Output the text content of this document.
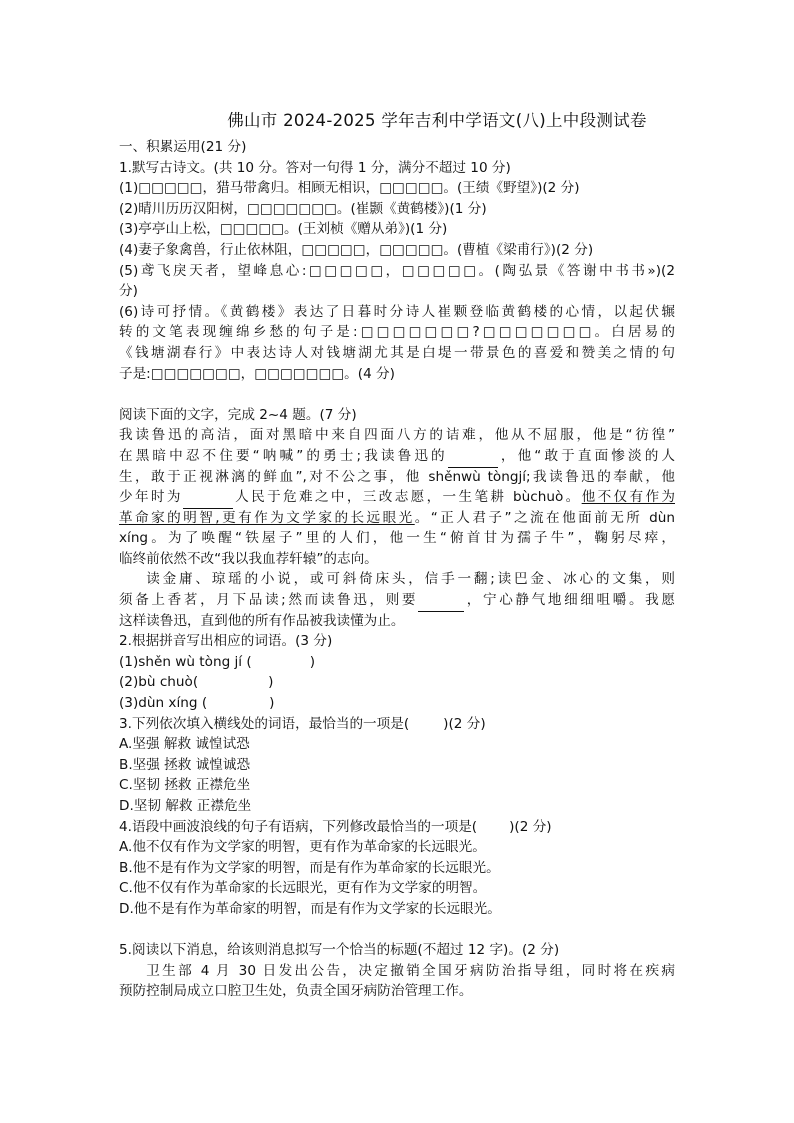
佛山市 2024-2025 学年吉利中学语文(八)上中段测试卷
一、积累运用(21 分)
1.默写古诗文。(共 10 分。答对一句得 1 分，满分不超过 10 分)
(1)□□□□□，猎马带禽归。相顾无相识，□□□□□。(王绩《野望》)(2 分)
(2)晴川历历汉阳树，□□□□□□□。(崔颢《黄鹤楼》)(1 分)
(3)亭亭山上松，□□□□□。(王刘桢《赠从弟》)(1 分)
(4)妻子象禽兽，行止依林阻，□□□□□，□□□□□。(曹植《梁甫行》)(2 分)
(5)鸢飞戾天者，望峰息心:□□□□□，□□□□□。(陶弘景《答谢中书书»)(2
分)
(6)诗可抒情。《黄鹤楼》表达了日暮时分诗人崔颗登临黄鹤楼的心情，以起伏辗
转的文笔表现缠绵乡愁的句子是:□□□□□□□?□□□□□□□。白居易的
《钱塘湖春行》中表达诗人对钱塘湖尤其是白堤一带景色的喜爱和赞美之情的句
子是:□□□□□□□，□□□□□□□。(4 分)
阅读下面的文字，完成 2~4 题。(7 分)
我读鲁迅的高洁，面对黑暗中来自四面八方的诘难，他从不屈服，他是“彷徨”
在黑暗中忍不住要“呐喊”的勇士;我读鲁迅的	，他“敢于直面惨淡的人
生，敢于正视淋漓的鲜血”,对不公之事，他 shěnwù tòngjí;我读鲁迅的奉献，他
少年时为	人民于危难之中，三改志愿，一生笔耕 bùchuò。他不仅有作为
革命家的明智,更有作为文学家的长远眼光。“正人君子”之流在他面前无所 dùn
xíng。为了唤醒“铁屋子”里的人们，他一生“俯首甘为孺子牛”，鞠躬尽瘁，
临终前依然不改“我以我血荐轩辕”的志向。
读金庸、琼瑶的小说，或可斜倚床头，信手一翻;读巴金、冰心的文集，则
须备上香茗，月下品读;然而读鲁迅，则要	，宁心静气地细细咀嚼。我愿
这样读鲁迅，直到他的所有作品被我读懂为止。
2.根据拼音写出相应的词语。(3 分)
(1)shěn wù tòng jí (	)
(2)bù chuò(	)
(3)dùn xíng (	)
3.下列依次填入横线处的词语，最恰当的一项是(	)(2 分)
A.坚强 解救 诚惶试恐
B.坚强 拯救 诚惶诚恐
C.坚韧 拯救 正襟危坐
D.坚韧 解救 正襟危坐
4.语段中画波浪线的句子有语病，下列修改最恰当的一项是( )(2 分)
A.他不仅有作为文学家的明智，更有作为革命家的长远眼光。
B.他不是有作为文学家的明智，而是有作为革命家的长远眼光。
C.他不仅有作为革命家的长远眼光，更有作为文学家的明智。
D.他不是有作为革命家的明智，而是有作为文学家的长远眼光。
5.阅读以下消息，给该则消息拟写一个恰当的标题(不超过 12 字)。(2 分)
卫生部 4 月 30 日发出公告，决定撤销全国牙病防治指导组，同时将在疾病
预防控制局成立口腔卫生处，负责全国牙病防治管理工作。
